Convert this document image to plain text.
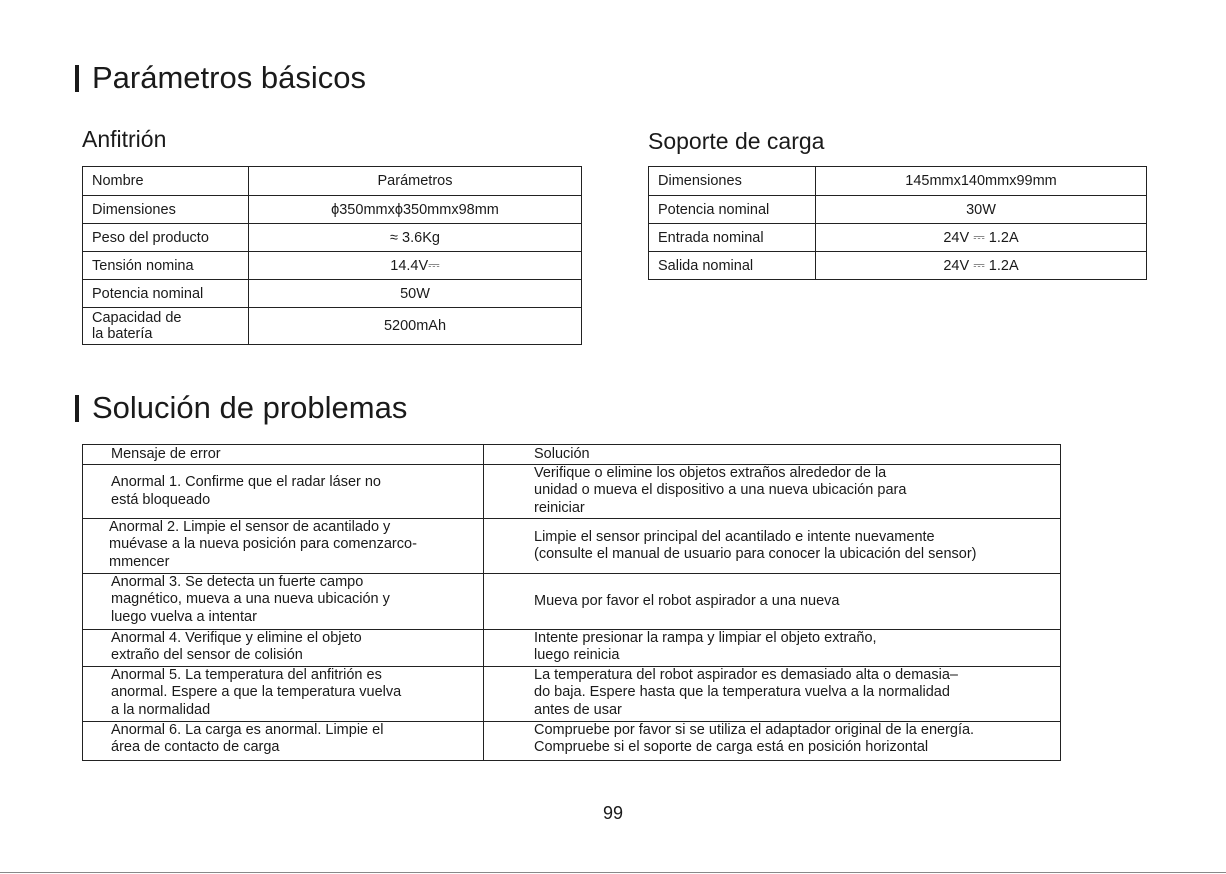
Parámetros básicos
Anfitrión
Nombre	Parámetros
Dimensiones	ϕ350mmxϕ350mmx98mm
Peso del producto	≈ 3.6Kg
Tensión nomina	14.4V⎓
Potencia nominal	50W

Capacidad de
la batería	5200mAh
Soporte de carga
Dimensiones	145mmx140mmx99mm
Potencia nominal	30W
Entrada nominal	24V ⎓ 1.2A
Salida nominal	24V ⎓ 1.2A
Solución de problemas
Mensaje de error	Solución

Anormal 1. Confirme que el radar láser no
está bloqueado	Verifique o elimine los objetos extraños alrededor de la
unidad o mueva el dispositivo a una nueva ubicación para
reiniciar

Anormal 2. Limpie el sensor de acantilado y
muévase a la nueva posición para comenzarco-
mmencer	Limpie el sensor principal del acantilado e intente nuevamente
(consulte el manual de usuario para conocer la ubicación del sensor)

Anormal 3. Se detecta un fuerte campo
magnético, mueva a una nueva ubicación y
luego vuelva a intentar	Mueva por favor el robot aspirador a una nueva

Anormal 4. Verifique y elimine el objeto
extraño del sensor de colisión	Intente presionar la rampa y limpiar el objeto extraño,
luego reinicia

Anormal 5. La temperatura del anfitrión es
anormal. Espere a que la temperatura vuelva
a la normalidad	La temperatura del robot aspirador es demasiado alta o demasia–
do baja. Espere hasta que la temperatura vuelva a la normalidad
antes de usar

Anormal 6. La carga es anormal. Limpie el
área de contacto de carga	Compruebe por favor si se utiliza el adaptador original de la energía.
Compruebe si el soporte de carga está en posición horizontal
99
